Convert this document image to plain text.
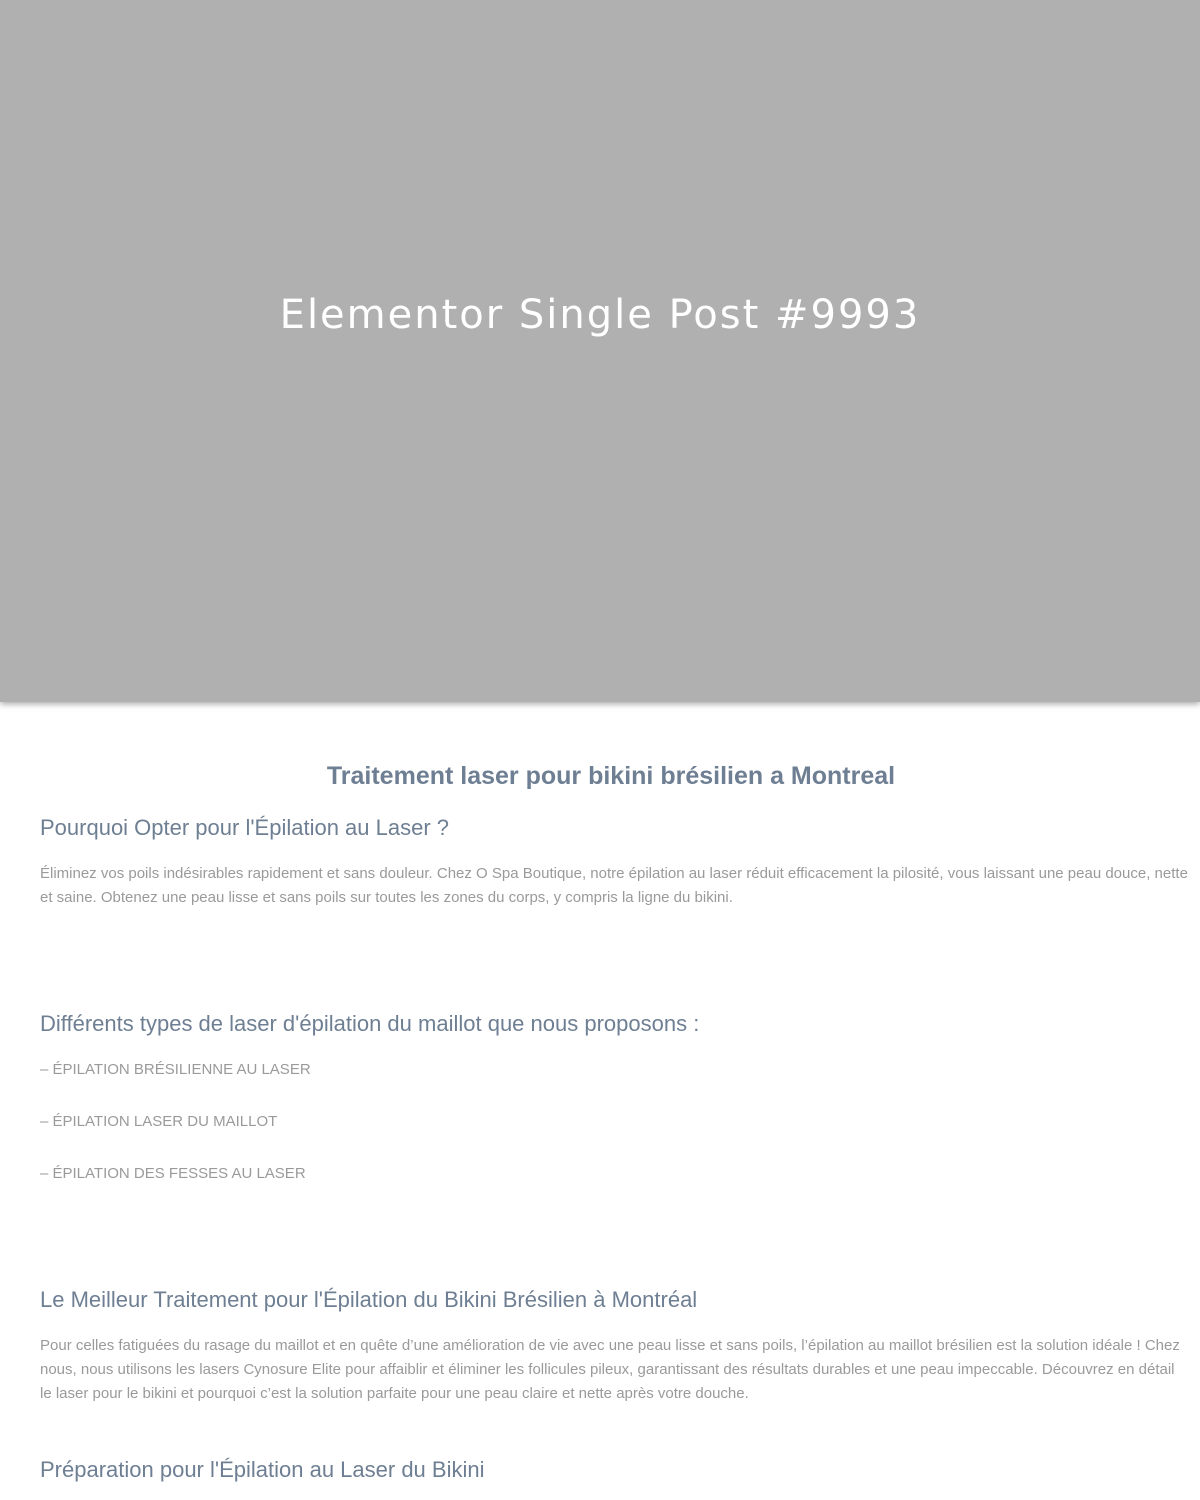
Elementor Single Post #9993
Traitement laser pour bikini brésilien a Montreal
Pourquoi Opter pour l'Épilation au Laser ?

Éliminez vos poils indésirables rapidement et sans douleur. Chez O Spa Boutique, notre épilation au laser réduit efficacement la pilosité, vous laissant une peau douce, nette et saine. Obtenez une peau lisse et sans poils sur toutes les zones du corps, y compris la ligne du bikini.

Différents types de laser d'épilation du maillot que nous proposons :

– ÉPILATION BRÉSILIENNE AU LASER

– ÉPILATION LASER DU MAILLOT

– ÉPILATION DES FESSES AU LASER

Le Meilleur Traitement pour l'Épilation du Bikini Brésilien à Montréal

Pour celles fatiguées du rasage du maillot et en quête d’une amélioration de vie avec une peau lisse et sans poils, l’épilation au maillot brésilien est la solution idéale ! Chez nous, nous utilisons les lasers Cynosure Elite pour affaiblir et éliminer les follicules pileux, garantissant des résultats durables et une peau impeccable. Découvrez en détail le laser pour le bikini et pourquoi c’est la solution parfaite pour une peau claire et nette après votre douche.

Préparation pour l'Épilation au Laser du Bikini
